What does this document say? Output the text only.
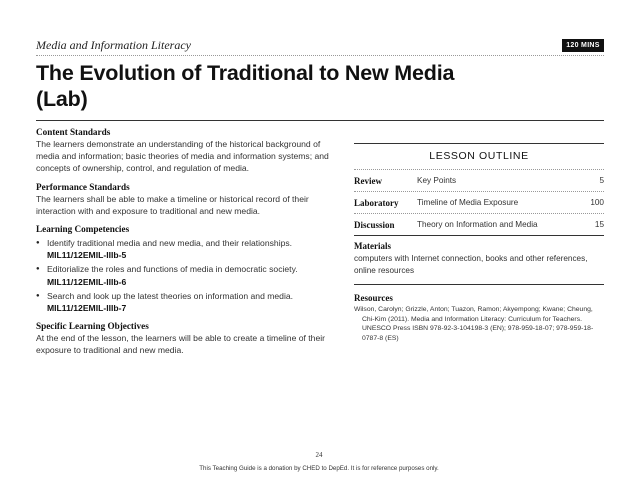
Media and Information Literacy	120 MINS
The Evolution of Traditional to New Media (Lab)
Content Standards
The learners demonstrate an understanding of the historical background of media and information; basic theories of media and information systems; and concepts of ownership, control, and regulation of media.
Performance Standards
The learners shall be able to make a timeline or historical record of their interaction with and exposure to traditional and new media.
Learning Competencies
● Identify traditional media and new media, and their relationships.
MIL11/12EMIL-IIIb-5
● Editorialize the roles and functions of media in democratic society.
MIL11/12EMIL-IIIb-6
● Search and look up the latest theories on information and media.
MIL11/12EMIL-IIIb-7
Specific Learning Objectives
At the end of the lesson, the learners will be able to create a timeline of their exposure to traditional and new media.
LESSON OUTLINE
Review	Key Points	5
Laboratory	Timeline of Media Exposure	100
Discussion	Theory on Information and Media	15
Materials
computers with Internet connection, books and other references, online resources
Resources
Wilson, Carolyn; Grizzle, Anton; Tuazon, Ramon; Akyempong; Kwane; Cheung, Chi-Kim (2011). Media and Information Literacy: Curriculum for Teachers. UNESCO Press ISBN 978-92-3-104198-3 (EN); 978-959-18-07; 978-959-18-0787-8 (ES)
24
This Teaching Guide is a donation by CHED to DepEd. It is for reference purposes only.
